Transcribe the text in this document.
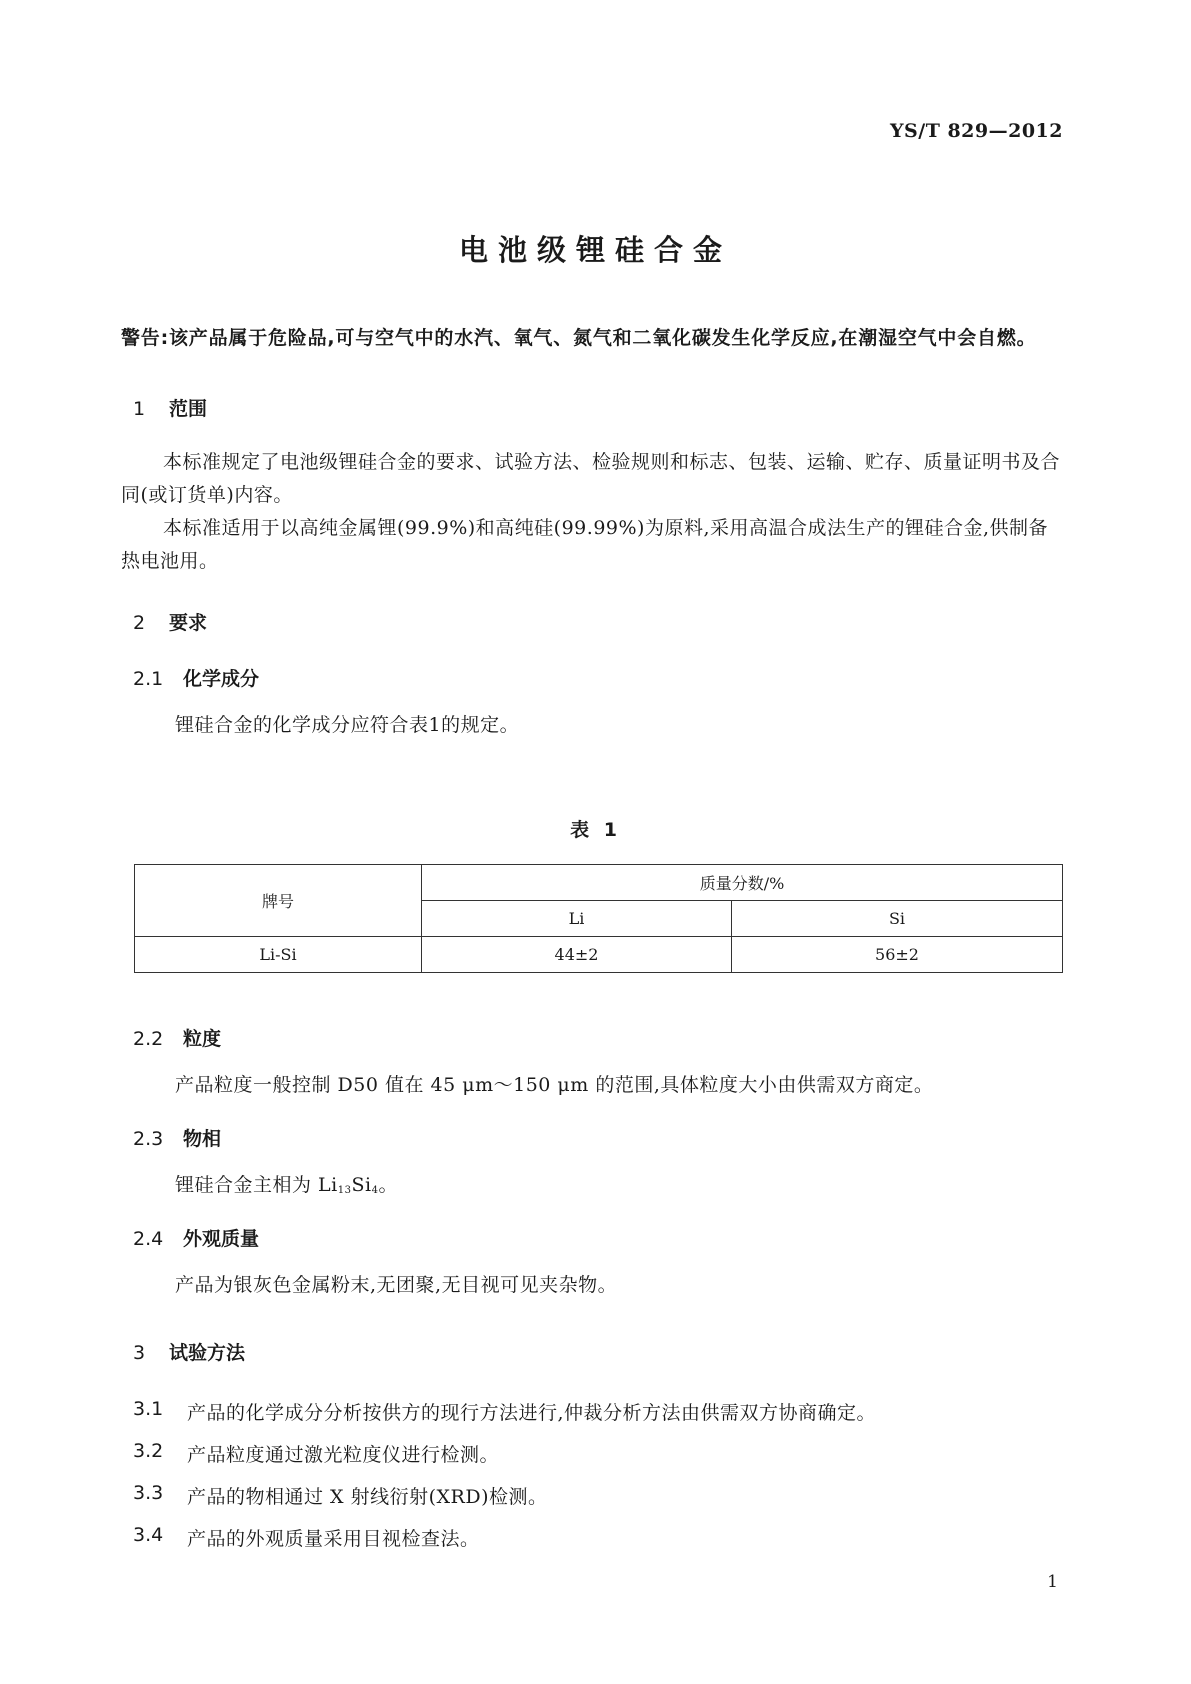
YS/T 829—2012
电池级锂硅合金
警告:该产品属于危险品,可与空气中的水汽、氧气、氮气和二氧化碳发生化学反应,在潮湿空气中会自燃。
1 范围
本标准规定了电池级锂硅合金的要求、试验方法、检验规则和标志、包装、运输、贮存、质量证明书及合同(或订货单)内容。
本标准适用于以高纯金属锂(99.9%)和高纯硅(99.99%)为原料,采用高温合成法生产的锂硅合金,供制备热电池用。
2 要求
2.1 化学成分
锂硅合金的化学成分应符合表1的规定。
表 1
牌号	质量分数/%	
	Li	Si
Li-Si	44±2	56±2
2.2 粒度
产品粒度一般控制 D50 值在 45 μm～150 μm 的范围,具体粒度大小由供需双方商定。
2.3 物相
锂硅合金主相为 $Li_{13}Si_4$。
2.4 外观质量
产品为银灰色金属粉末,无团聚,无目视可见夹杂物。
3 试验方法
3.1 产品的化学成分分析按供方的现行方法进行,仲裁分析方法由供需双方协商确定。
3.2 产品粒度通过激光粒度仪进行检测。
3.3 产品的物相通过 X 射线衍射(XRD)检测。
3.4 产品的外观质量采用目视检查法。
1
